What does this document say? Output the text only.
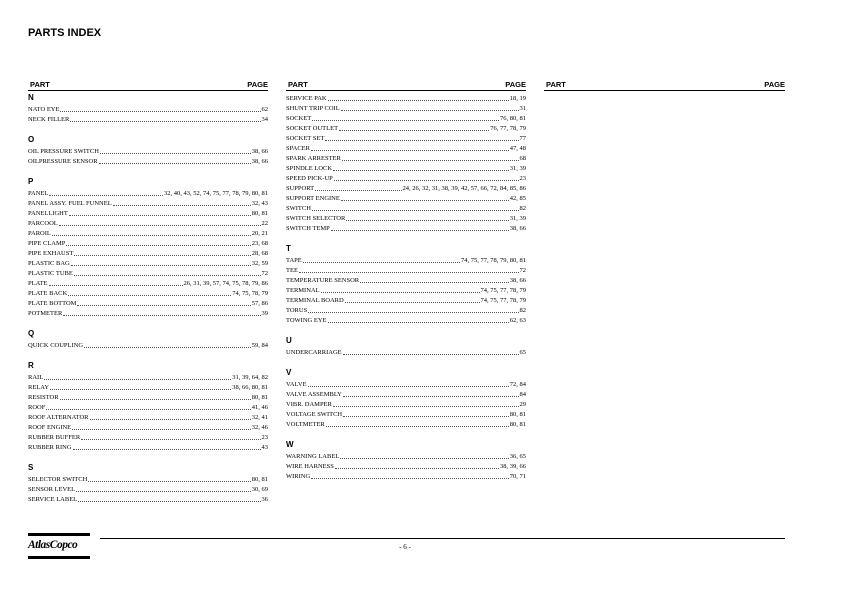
PARTS INDEX
PART	PAGE
N
NATO EYE	62
NECK FILLER	34
O
OIL PRESSURE SWITCH	38, 66
OILPRESSURE SENSOR	38, 66
P
PANEL	32, 40, 43, 52, 74, 75, 77, 78, 79, 80, 81
PANEL ASSY. FUEL FUNNEL	32, 43
PANELLIGHT	80, 81
PARCOOL	22
PAROIL	20, 21
PIPE CLAMP	23, 68
PIPE EXHAUST	28, 68
PLASTIC BAG	32, 59
PLASTIC TUBE	72
PLATE	26, 31, 39, 57, 74, 75, 78, 79, 86
PLATE BACK	74, 75, 78, 79
PLATE BOTTOM	57, 86
POTMETER	39
Q
QUICK COUPLING	59, 84
R
RAIL	31, 39, 64, 82
RELAY	38, 66, 80, 81
RESISTOR	80, 81
ROOF	41, 46
ROOF ALTERNATOR	32, 41
ROOF ENGINE	32, 46
RUBBER BUFFER	23
RUBBER RING	43
S
SELECTOR SWITCH	80, 81
SENSOR LEVEL	30, 69
SERVICE LABEL	36
PART	PAGE
SERVICE PAK	18, 19
SHUNT TRIP COIL	31
SOCKET	76, 80, 81
SOCKET OUTLET	76, 77, 78, 79
SOCKET SET	77
SPACER	47, 48
SPARK ARRESTER	68
SPINDLE LOCK	31, 39
SPEED PICK-UP	23
SUPPORT	24, 26, 32, 31, 38, 39, 42, 57, 66, 72, 84, 85, 86
SUPPORT ENGINE	42, 85
SWITCH	82
SWITCH SELECTOR	31, 39
SWITCH TEMP	38, 66
T
TAPE	74, 75, 77, 78, 79, 80, 81
TEE	72
TEMPERATURE SENSOR	38, 66
TERMINAL	74, 75, 77, 78, 79
TERMINAL BOARD	74, 75, 77, 78, 79
TORUS	82
TOWING EYE	62, 63
U
UNDERCARRIAGE	65
V
VALVE	72, 84
VALVE ASSEMBLY	84
VIBR. DAMPER	29
VOLTAGE SWITCH	80, 81
VOLTMETER	80, 81
W
WARNING LABEL	36, 65
WIRE HARNESS	38, 39, 66
WIRING	70, 71
PART	PAGE
AtlasCopco	- 6 -
